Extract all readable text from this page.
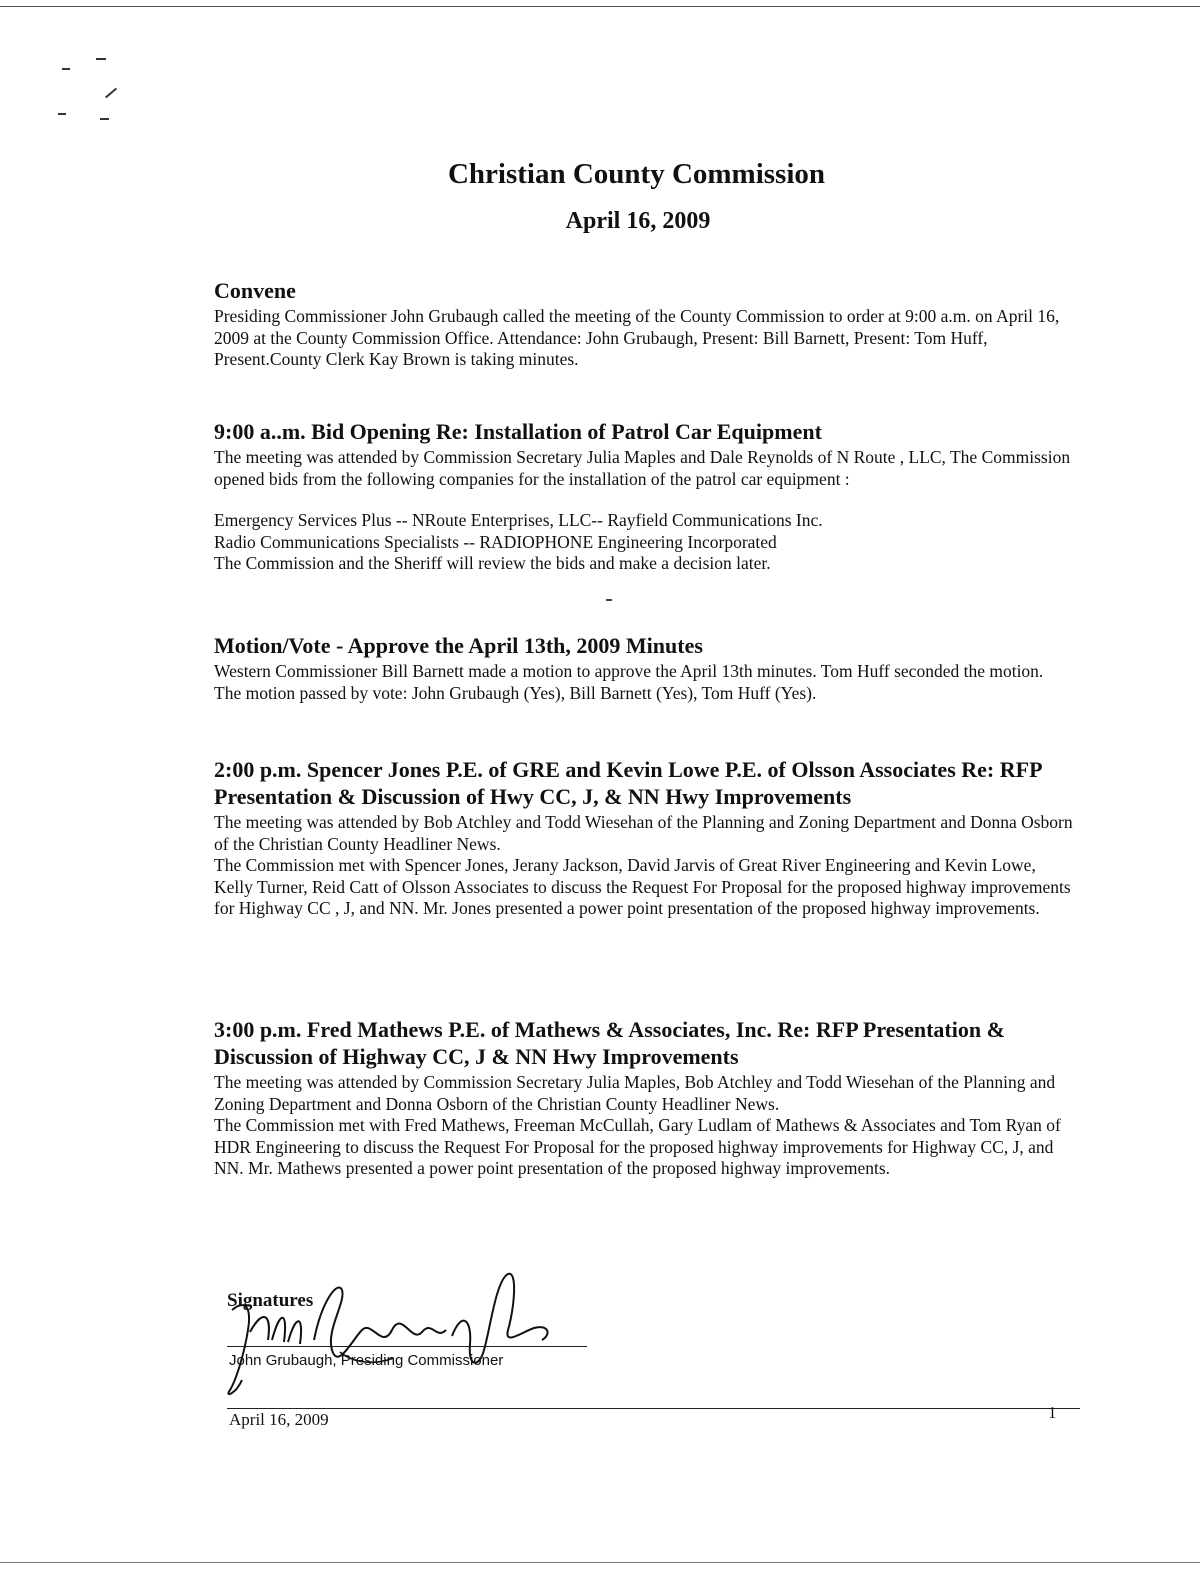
Christian County Commission
April 16, 2009
Convene

Presiding Commissioner John Grubaugh called the meeting of the County Commission to order at 9:00 a.m. on April 16, 2009 at the County Commission Office. Attendance: John Grubaugh, Present: Bill Barnett, Present: Tom Huff, Present.County Clerk Kay Brown is taking minutes.

9:00 a..m. Bid Opening Re: Installation of Patrol Car Equipment

The meeting was attended by Commission Secretary Julia Maples and Dale Reynolds of N Route , LLC, The Commission opened bids from the following companies for the installation of the patrol car equipment :

Emergency Services Plus -- NRoute Enterprises, LLC-- Rayfield Communications Inc.

Radio Communications Specialists -- RADIOPHONE Engineering Incorporated

The Commission and the Sheriff will review the bids and make a decision later.

Motion/Vote - Approve the April 13th, 2009 Minutes

Western Commissioner Bill Barnett made a motion to approve the April 13th minutes. Tom Huff seconded the motion. The motion passed by vote: John Grubaugh (Yes), Bill Barnett (Yes), Tom Huff (Yes).

2:00 p.m. Spencer Jones P.E. of GRE and Kevin Lowe P.E. of Olsson Associates Re: RFP Presentation & Discussion of Hwy CC, J, & NN Hwy Improvements

The meeting was attended by Bob Atchley and Todd Wiesehan of the Planning and Zoning Department and Donna Osborn of the Christian County Headliner News.

The Commission met with Spencer Jones, Jerany Jackson, David Jarvis of Great River Engineering and Kevin Lowe, Kelly Turner, Reid Catt of Olsson Associates to discuss the Request For Proposal for the proposed highway improvements for Highway CC , J, and NN. Mr. Jones presented a power point presentation of the proposed highway improvements.

3:00 p.m. Fred Mathews P.E. of Mathews & Associates, Inc. Re: RFP Presentation & Discussion of Highway CC, J & NN Hwy Improvements

The meeting was attended by Commission Secretary Julia Maples, Bob Atchley and Todd Wiesehan of the Planning and Zoning Department and Donna Osborn of the Christian County Headliner News.

The Commission met with Fred Mathews, Freeman McCullah, Gary Ludlam of Mathews & Associates and Tom Ryan of HDR Engineering to discuss the Request For Proposal for the proposed highway improvements for Highway CC, J, and NN. Mr. Mathews presented a power point presentation of the proposed highway improvements.

Signatures
John Grubaugh, Presiding Commissioner
April 16, 2009	1
